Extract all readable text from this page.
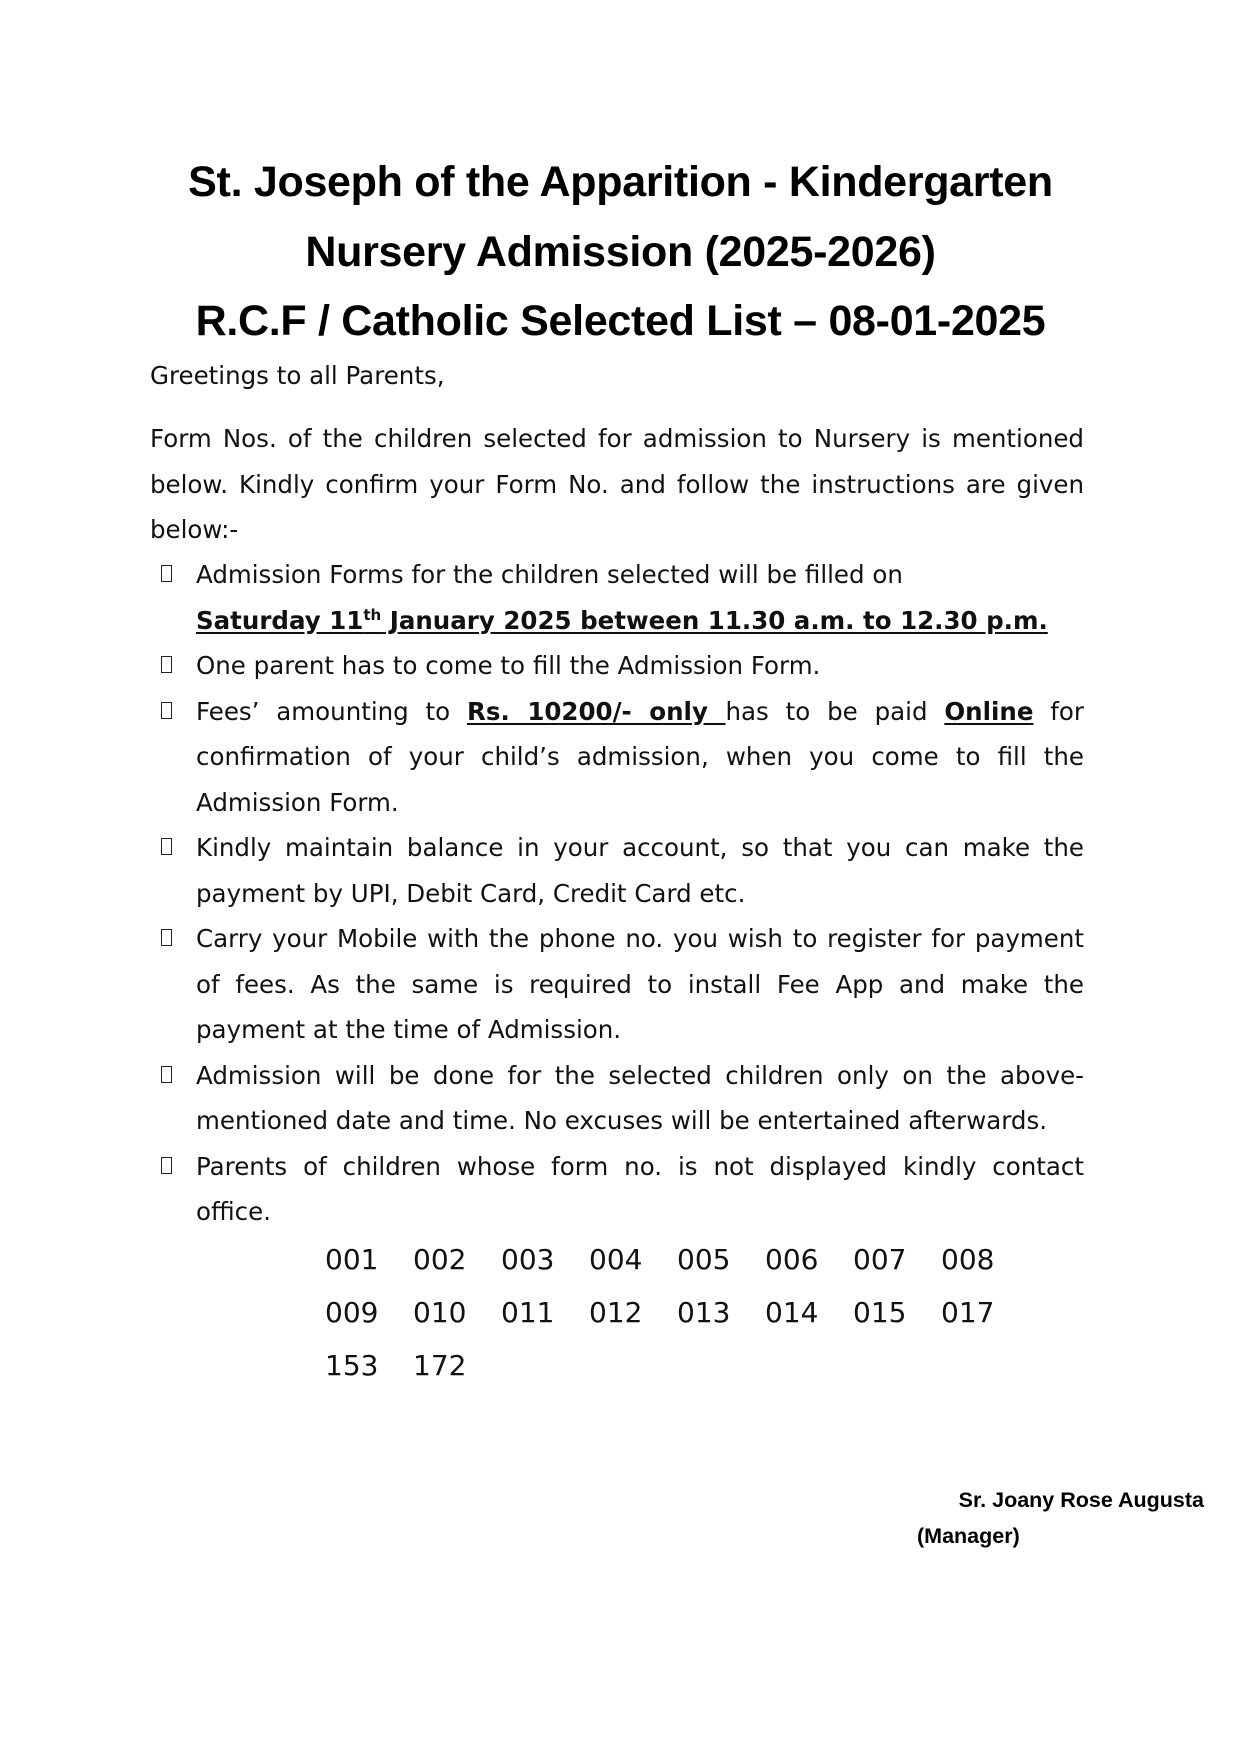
St. Joseph of the Apparition - Kindergarten
Nursery Admission (2025-2026)
R.C.F / Catholic Selected List – 08-01-2025
Greetings to all Parents,
Form Nos. of the children selected for admission to Nursery is mentioned below. Kindly confirm your Form No. and follow the instructions are given below:-
Admission Forms for the children selected will be filled on
Saturday 11th January 2025 between 11.30 a.m. to 12.30 p.m.
One parent has to come to fill the Admission Form.
Fees’ amounting to Rs. 10200/- only has to be paid Online for confirmation of your child’s admission, when you come to fill the Admission Form.
Kindly maintain balance in your account, so that you can make the payment by UPI, Debit Card, Credit Card etc.
Carry your Mobile with the phone no. you wish to register for payment of fees. As the same is required to install Fee App and make the payment at the time of Admission.
Admission will be done for the selected children only on the above-mentioned date and time. No excuses will be entertained afterwards.
Parents of children whose form no. is not displayed kindly contact office.
001	002	003	004	005	006	007	008
009	010	011	012	013	014	015	017
153	172
Sr. Joany Rose Augusta
(Manager)
